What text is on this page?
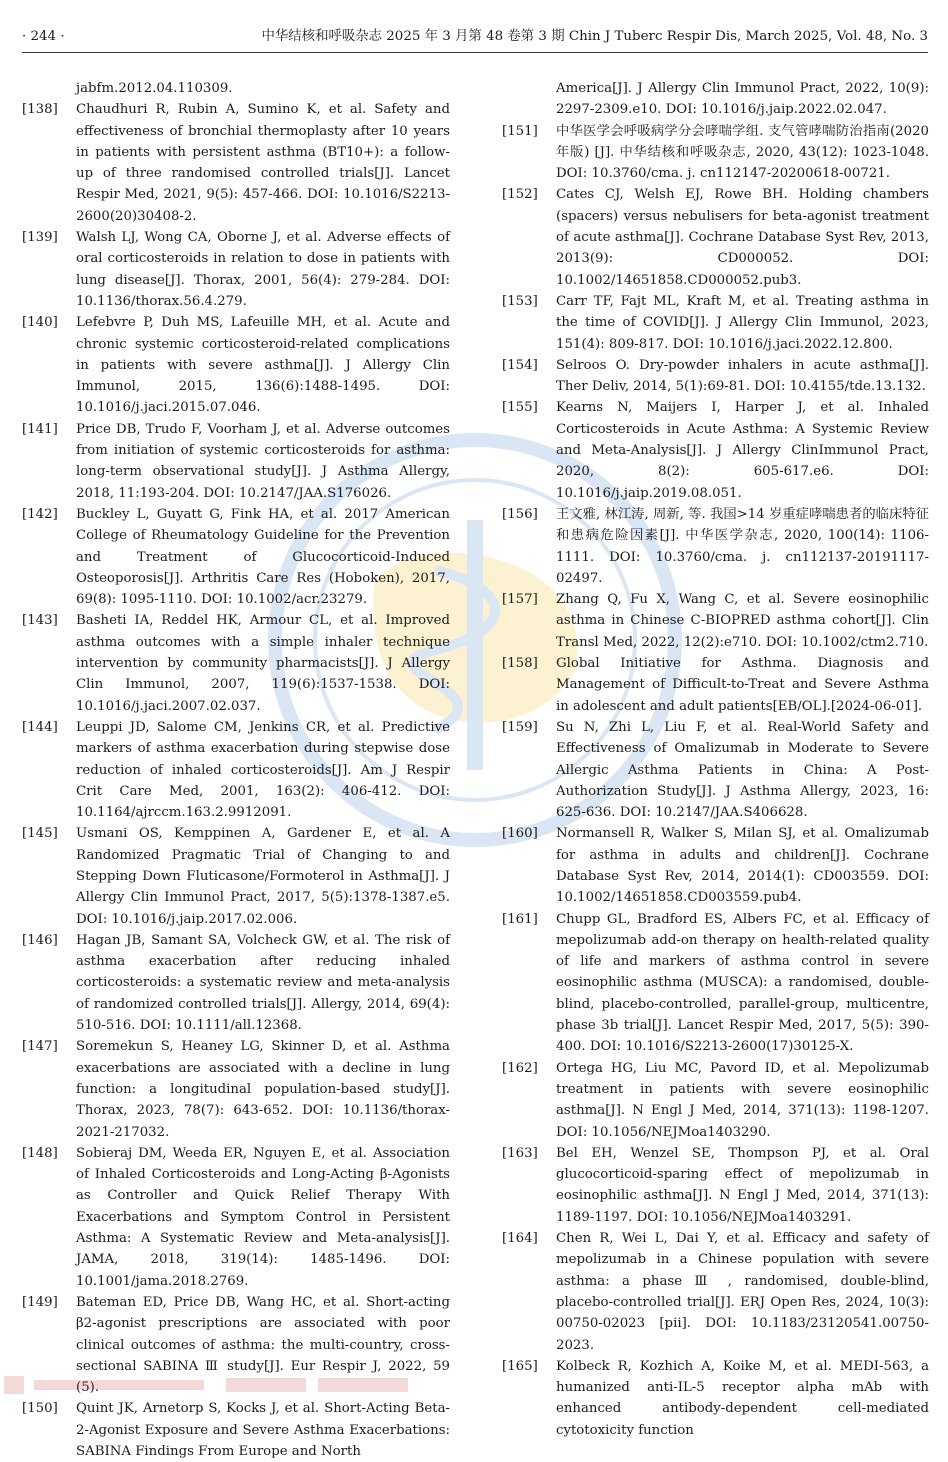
· 244 ·	中华结核和呼吸杂志 2025 年 3 月第 48 卷第 3 期 Chin J Tuberc Respir Dis, March 2025, Vol. 48, No. 3
jabfm.2012.04.110309.
[138]	Chaudhuri R, Rubin A, Sumino K, et al. Safety and effectiveness of bronchial thermoplasty after 10 years in patients with persistent asthma (BT10+): a follow-up of three randomised controlled trials[J]. Lancet Respir Med, 2021, 9(5): 457-466. DOI: 10.1016/S2213-2600(20)30408-2.
[139]	Walsh LJ, Wong CA, Oborne J, et al. Adverse effects of oral corticosteroids in relation to dose in patients with lung disease[J]. Thorax, 2001, 56(4): 279-284. DOI: 10.1136/thorax.56.4.279.
[140]	Lefebvre P, Duh MS, Lafeuille MH, et al. Acute and chronic systemic corticosteroid-related complications in patients with severe asthma[J]. J Allergy Clin Immunol, 2015, 136(6):1488-1495. DOI: 10.1016/j.jaci.2015.07.046.
[141]	Price DB, Trudo F, Voorham J, et al. Adverse outcomes from initiation of systemic corticosteroids for asthma: long-term observational study[J]. J Asthma Allergy, 2018, 11:193-204. DOI: 10.2147/JAA.S176026.
[142]	Buckley L, Guyatt G, Fink HA, et al. 2017 American College of Rheumatology Guideline for the Prevention and Treatment of Glucocorticoid-Induced Osteoporosis[J]. Arthritis Care Res (Hoboken), 2017, 69(8): 1095-1110. DOI: 10.1002/acr.23279.
[143]	Basheti IA, Reddel HK, Armour CL, et al. Improved asthma outcomes with a simple inhaler technique intervention by community pharmacists[J]. J Allergy Clin Immunol, 2007, 119(6):1537-1538. DOI: 10.1016/j.jaci.2007.02.037.
[144]	Leuppi JD, Salome CM, Jenkins CR, et al. Predictive markers of asthma exacerbation during stepwise dose reduction of inhaled corticosteroids[J]. Am J Respir Crit Care Med, 2001, 163(2): 406-412. DOI: 10.1164/ajrccm.163.2.9912091.
[145]	Usmani OS, Kemppinen A, Gardener E, et al. A Randomized Pragmatic Trial of Changing to and Stepping Down Fluticasone/Formoterol in Asthma[J]. J Allergy Clin Immunol Pract, 2017, 5(5):1378-1387.e5. DOI: 10.1016/j.jaip.2017.02.006.
[146]	Hagan JB, Samant SA, Volcheck GW, et al. The risk of asthma exacerbation after reducing inhaled corticosteroids: a systematic review and meta-analysis of randomized controlled trials[J]. Allergy, 2014, 69(4): 510-516. DOI: 10.1111/all.12368.
[147]	Soremekun S, Heaney LG, Skinner D, et al. Asthma exacerbations are associated with a decline in lung function: a longitudinal population-based study[J]. Thorax, 2023, 78(7): 643-652. DOI: 10.1136/thorax-2021-217032.
[148]	Sobieraj DM, Weeda ER, Nguyen E, et al. Association of Inhaled Corticosteroids and Long-Acting β-Agonists as Controller and Quick Relief Therapy With Exacerbations and Symptom Control in Persistent Asthma: A Systematic Review and Meta-analysis[J]. JAMA, 2018, 319(14): 1485-1496. DOI: 10.1001/jama.2018.2769.
[149]	Bateman ED, Price DB, Wang HC, et al. Short-acting β2-agonist prescriptions are associated with poor clinical outcomes of asthma: the multi-country, cross-sectional SABINA Ⅲ study[J]. Eur Respir J, 2022, 59 (5).
[150]	Quint JK, Arnetorp S, Kocks J, et al. Short-Acting Beta-2-Agonist Exposure and Severe Asthma Exacerbations: SABINA Findings From Europe and North
America[J]. J Allergy Clin Immunol Pract, 2022, 10(9): 2297-2309.e10. DOI: 10.1016/j.jaip.2022.02.047.
[151]	中华医学会呼吸病学分会哮喘学组. 支气管哮喘防治指南(2020 年版) [J]. 中华结核和呼吸杂志, 2020, 43(12): 1023-1048. DOI: 10.3760/cma. j. cn112147-20200618-00721.
[152]	Cates CJ, Welsh EJ, Rowe BH. Holding chambers (spacers) versus nebulisers for beta-agonist treatment of acute asthma[J]. Cochrane Database Syst Rev, 2013, 2013(9): CD000052. DOI: 10.1002/14651858.CD000052.pub3.
[153]	Carr TF, Fajt ML, Kraft M, et al. Treating asthma in the time of COVID[J]. J Allergy Clin Immunol, 2023, 151(4): 809-817. DOI: 10.1016/j.jaci.2022.12.800.
[154]	Selroos O. Dry-powder inhalers in acute asthma[J]. Ther Deliv, 2014, 5(1):69-81. DOI: 10.4155/tde.13.132.
[155]	Kearns N, Maijers I, Harper J, et al. Inhaled Corticosteroids in Acute Asthma: A Systemic Review and Meta-Analysis[J]. J Allergy ClinImmunol Pract, 2020, 8(2): 605-617.e6. DOI: 10.1016/j.jaip.2019.08.051.
[156]	王文雅, 林江涛, 周新, 等. 我国>14 岁重症哮喘患者的临床特征和患病危险因素[J]. 中华医学杂志, 2020, 100(14): 1106-1111. DOI: 10.3760/cma. j. cn112137-20191117-02497.
[157]	Zhang Q, Fu X, Wang C, et al. Severe eosinophilic asthma in Chinese C-BIOPRED asthma cohort[J]. Clin Transl Med, 2022, 12(2):e710. DOI: 10.1002/ctm2.710.
[158]	Global Initiative for Asthma. Diagnosis and Management of Difficult-to-Treat and Severe Asthma in adolescent and adult patients[EB/OL].[2024-06-01].
[159]	Su N, Zhi L, Liu F, et al. Real-World Safety and Effectiveness of Omalizumab in Moderate to Severe Allergic Asthma Patients in China: A Post-Authorization Study[J]. J Asthma Allergy, 2023, 16: 625-636. DOI: 10.2147/JAA.S406628.
[160]	Normansell R, Walker S, Milan SJ, et al. Omalizumab for asthma in adults and children[J]. Cochrane Database Syst Rev, 2014, 2014(1): CD003559. DOI: 10.1002/14651858.CD003559.pub4.
[161]	Chupp GL, Bradford ES, Albers FC, et al. Efficacy of mepolizumab add-on therapy on health-related quality of life and markers of asthma control in severe eosinophilic asthma (MUSCA): a randomised, double-blind, placebo-controlled, parallel-group, multicentre, phase 3b trial[J]. Lancet Respir Med, 2017, 5(5): 390-400. DOI: 10.1016/S2213-2600(17)30125-X.
[162]	Ortega HG, Liu MC, Pavord ID, et al. Mepolizumab treatment in patients with severe eosinophilic asthma[J]. N Engl J Med, 2014, 371(13): 1198-1207. DOI: 10.1056/NEJMoa1403290.
[163]	Bel EH, Wenzel SE, Thompson PJ, et al. Oral glucocorticoid-sparing effect of mepolizumab in eosinophilic asthma[J]. N Engl J Med, 2014, 371(13): 1189-1197. DOI: 10.1056/NEJMoa1403291.
[164]	Chen R, Wei L, Dai Y, et al. Efficacy and safety of mepolizumab in a Chinese population with severe asthma: a phase Ⅲ , randomised, double-blind, placebo-controlled trial[J]. ERJ Open Res, 2024, 10(3): 00750-02023 [pii]. DOI: 10.1183/23120541.00750-2023.
[165]	Kolbeck R, Kozhich A, Koike M, et al. MEDI-563, a humanized anti-IL-5 receptor alpha mAb with enhanced antibody-dependent cell-mediated cytotoxicity function
